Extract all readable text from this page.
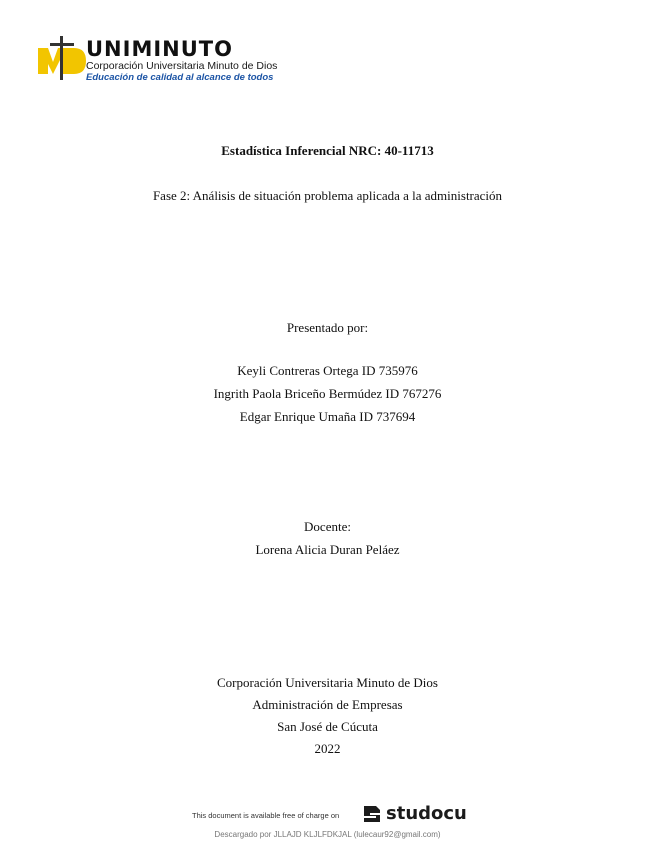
UNIMINUTO
Corporación Universitaria Minuto de Dios
Educación de calidad al alcance de todos
Estadística Inferencial NRC: 40-11713
Fase 2: Análisis de situación problema aplicada a la administración
Presentado por:
Keyli Contreras Ortega ID 735976
Ingrith Paola Briceño Bermúdez ID 767276
Edgar Enrique Umaña ID 737694
Docente:
Lorena Alicia Duran Peláez
Corporación Universitaria Minuto de Dios
Administración de Empresas
San José de Cúcuta
2022
This document is available free of charge on	studocu
Descargado por JLLAJD KLJLFDKJAL (lulecaur92@gmail.com)
